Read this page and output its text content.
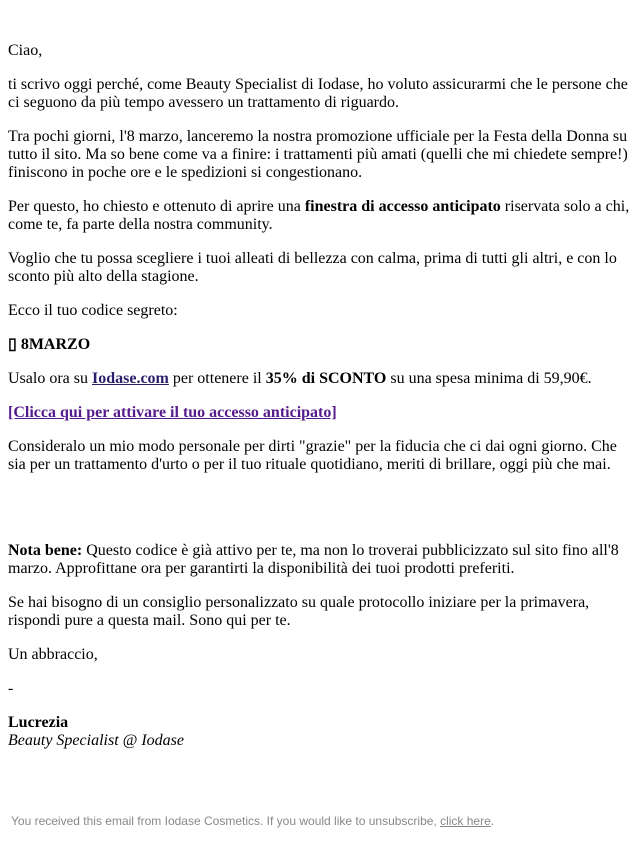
Ciao,

ti scrivo oggi perché, come Beauty Specialist di Iodase, ho voluto assicurarmi che le persone che ci seguono da più tempo avessero un trattamento di riguardo.

Tra pochi giorni, l'8 marzo, lanceremo la nostra promozione ufficiale per la Festa della Donna su tutto il sito. Ma so bene come va a finire: i trattamenti più amati (quelli che mi chiedete sempre!) finiscono in poche ore e le spedizioni si congestionano.

Per questo, ho chiesto e ottenuto di aprire una finestra di accesso anticipato riservata solo a chi, come te, fa parte della nostra community.

Voglio che tu possa scegliere i tuoi alleati di bellezza con calma, prima di tutti gli altri, e con lo sconto più alto della stagione.

Ecco il tuo codice segreto:

▯ 8MARZO

Usalo ora su Iodase.com per ottenere il 35% di SCONTO su una spesa minima di 59,90€.

[Clicca qui per attivare il tuo accesso anticipato]

Consideralo un mio modo personale per dirti "grazie" per la fiducia che ci dai ogni giorno. Che sia per un trattamento d'urto o per il tuo rituale quotidiano, meriti di brillare, oggi più che mai.

Nota bene: Questo codice è già attivo per te, ma non lo troverai pubblicizzato sul sito fino all'8 marzo. Approfittane ora per garantirti la disponibilità dei tuoi prodotti preferiti.

Se hai bisogno di un consiglio personalizzato su quale protocollo iniziare per la primavera, rispondi pure a questa mail. Sono qui per te.

Un abbraccio,

-

Lucrezia
Beauty Specialist @ Iodase
You received this email from Iodase Cosmetics. If you would like to unsubscribe, click here.
